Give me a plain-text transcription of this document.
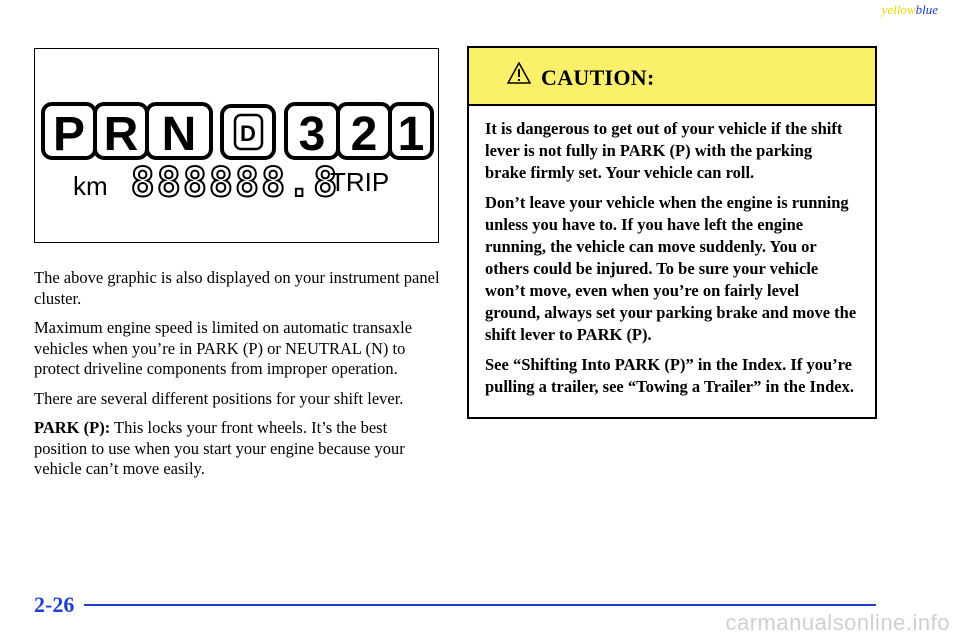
yellowblue
P R N D 3 2 1
km 888888.8
TRIP

The above graphic is also displayed on your instrument panel cluster.

Maximum engine speed is limited on automatic transaxle vehicles when you’re in PARK (P) or NEUTRAL (N) to protect driveline components from improper operation.

There are several different positions for your shift lever.

PARK (P): This locks your front wheels. It’s the best position to use when you start your engine because your vehicle can’t move easily.

CAUTION:

It is dangerous to get out of your vehicle if the shift lever is not fully in PARK (P) with the parking brake firmly set. Your vehicle can roll.

Don’t leave your vehicle when the engine is running unless you have to. If you have left the engine running, the vehicle can move suddenly. You or others could be injured. To be sure your vehicle won’t move, even when you’re on fairly level ground, always set your parking brake and move the shift lever to PARK (P).

See “Shifting Into PARK (P)” in the Index. If you’re pulling a trailer, see “Towing a Trailer” in the Index.

2-26
carmanualsonline.info
